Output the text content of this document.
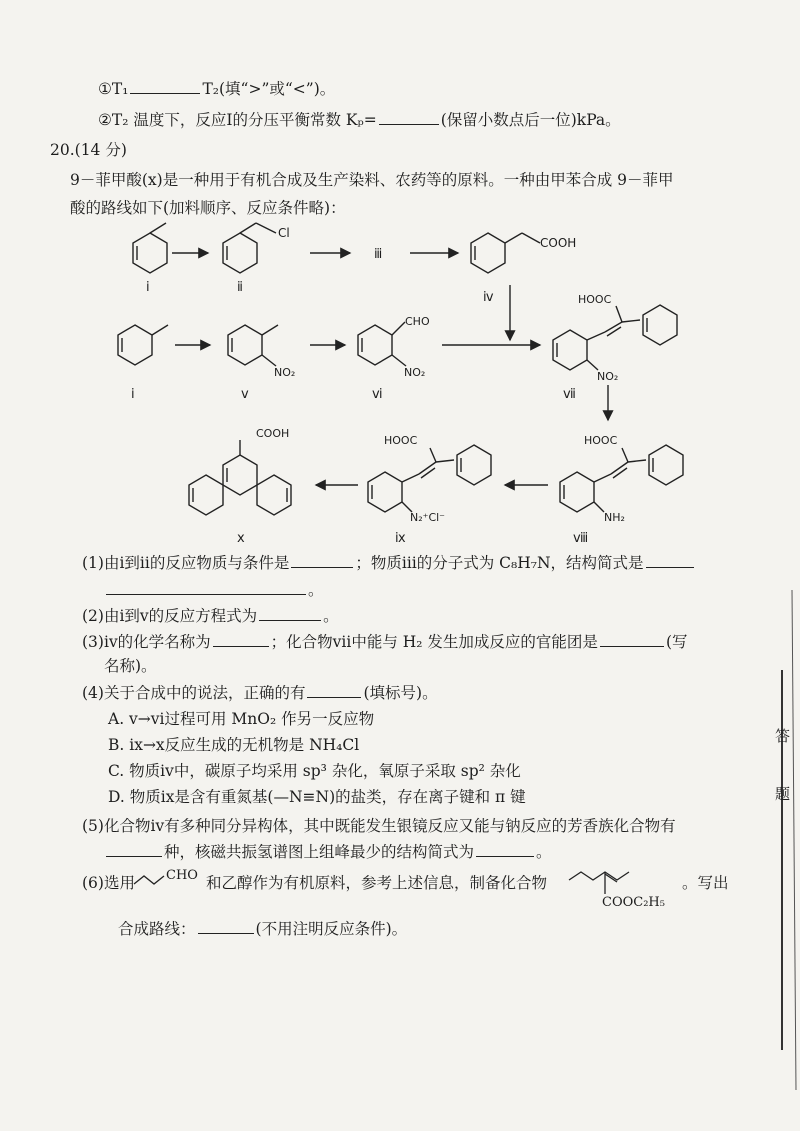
①T₁	T₂(填“>”或“<”)。
②T₂ 温度下，反应Ⅰ的分压平衡常数 Kₚ=	(保留小数点后一位)kPa。
20.(14 分)
9－菲甲酸(ⅹ)是一种用于有机合成及生产染料、农药等的原料。一种由甲苯合成 9－菲甲
酸的路线如下(加料顺序、反应条件略)：
ⅰ	ⅱ
Cl
ⅲ
COOH
ⅳ
ⅰ	ⅴ
NO₂
CHO
NO₂
ⅵ
HOOC
NO₂
ⅶ
HOOC
NH₂
ⅷ
HOOC
N₂⁺Cl⁻
ⅸ
COOH
ⅹ
(1)由ⅰ到ⅱ的反应物质与条件是	；物质ⅲ的分子式为 C₈H₇N，结构简式是
。
(2)由ⅰ到ⅴ的反应方程式为	。
(3)ⅳ的化学名称为	；化合物ⅶ中能与 H₂ 发生加成反应的官能团是	(写
名称)。
(4)关于合成中的说法，正确的有	(填标号)。
A. ⅴ→ⅵ过程可用 MnO₂ 作另一反应物
B. ⅸ→ⅹ反应生成的无机物是 NH₄Cl
C. 物质ⅳ中，碳原子均采用 sp³ 杂化，氧原子采取 sp² 杂化
D. 物质ⅸ是含有重氮基(—N≡N)的盐类，存在离子键和 π 键
(5)化合物ⅳ有多种同分异构体，其中既能发生银镜反应又能与钠反应的芳香族化合物有
种，核磁共振氢谱图上组峰最少的结构简式为	。
(6)选用 CHO 和乙醇作为有机原料，参考上述信息，制备化合物
COOC₂H₅
。写出
合成路线：	(不用注明反应条件)。
答
题
